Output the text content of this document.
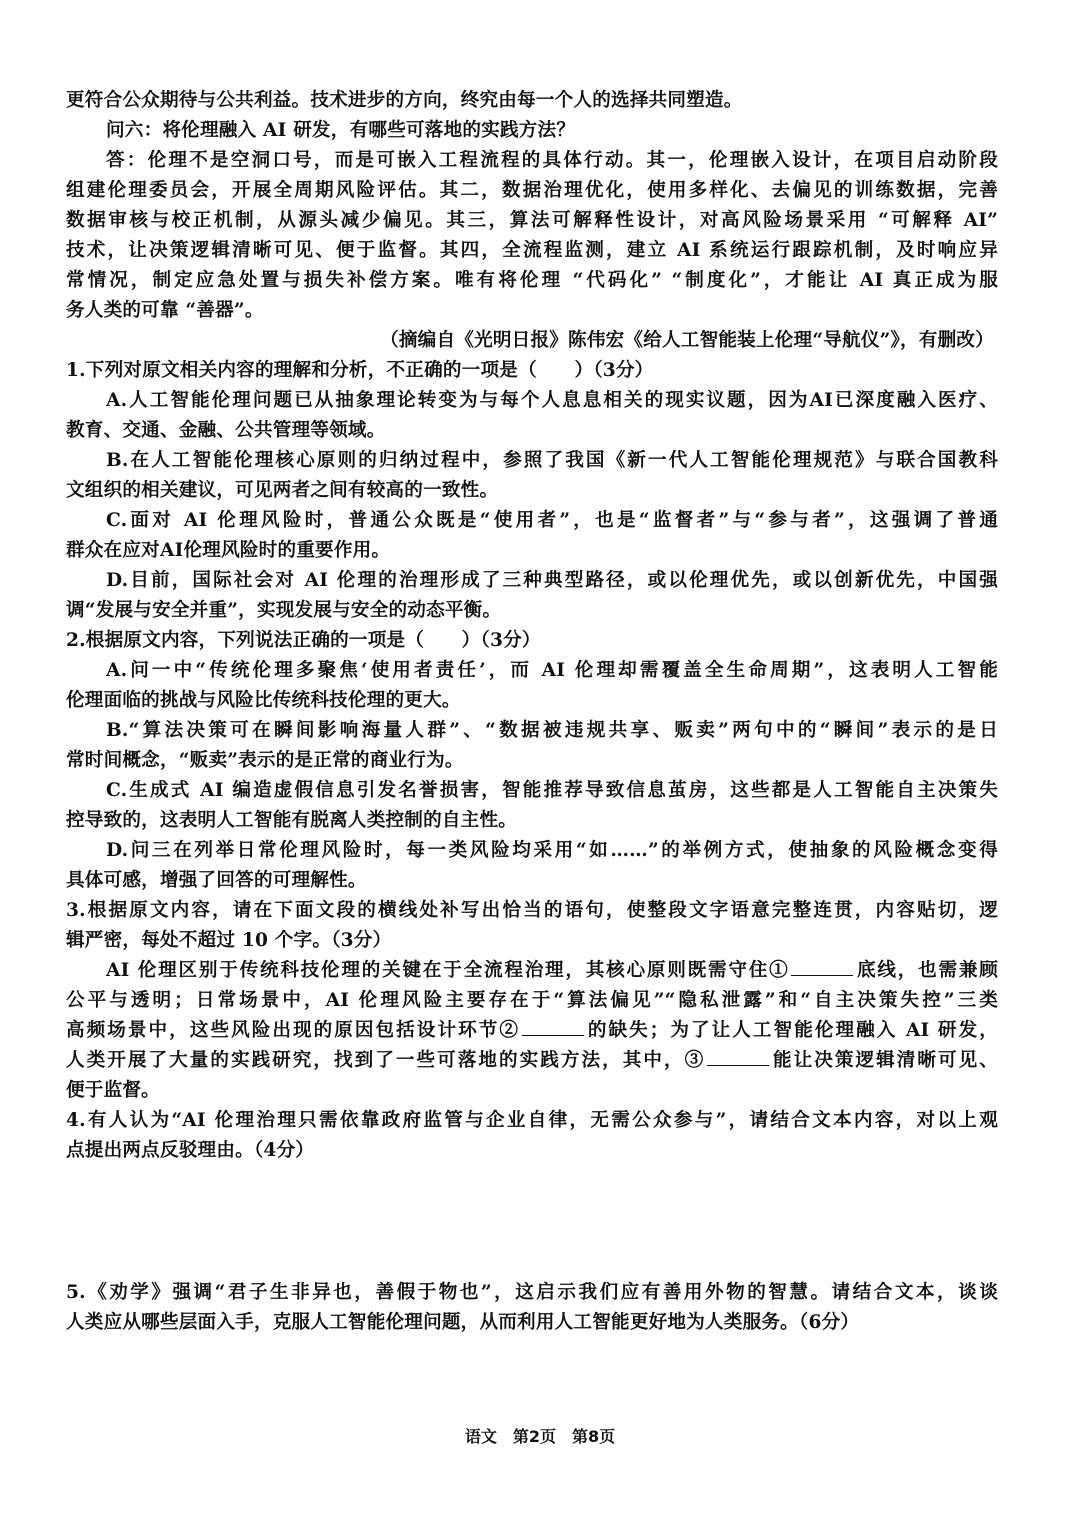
更符合公众期待与公共利益。技术进步的方向，终究由每一个人的选择共同塑造。
问六：将伦理融入 AI 研发，有哪些可落地的实践方法？
答：伦理不是空洞口号，而是可嵌入工程流程的具体行动。其一，伦理嵌入设计，在项目启动阶段
组建伦理委员会，开展全周期风险评估。其二，数据治理优化，使用多样化、去偏见的训练数据，完善
数据审核与校正机制，从源头减少偏见。其三，算法可解释性设计，对高风险场景采用 “可解释 AI”
技术，让决策逻辑清晰可见、便于监督。其四，全流程监测，建立 AI 系统运行跟踪机制，及时响应异
常情况，制定应急处置与损失补偿方案。唯有将伦理 “代码化” “制度化”，才能让 AI 真正成为服
务人类的可靠 “善器”。
（摘编自《光明日报》陈伟宏《给人工智能装上伦理“导航仪”》，有删改）
1.下列对原文相关内容的理解和分析，不正确的一项是（　　）（3分）
A.人工智能伦理问题已从抽象理论转变为与每个人息息相关的现实议题，因为AI已深度融入医疗、
教育、交通、金融、公共管理等领域。
B.在人工智能伦理核心原则的归纳过程中，参照了我国《新一代人工智能伦理规范》与联合国教科
文组织的相关建议，可见两者之间有较高的一致性。
C.面对 AI 伦理风险时，普通公众既是“使用者”，也是“监督者”与“参与者”，这强调了普通
群众在应对AI伦理风险时的重要作用。
D.目前，国际社会对 AI 伦理的治理形成了三种典型路径，或以伦理优先，或以创新优先，中国强
调“发展与安全并重”，实现发展与安全的动态平衡。
2.根据原文内容，下列说法正确的一项是（　　）（3分）
A.问一中“传统伦理多聚焦‘使用者责任’，而 AI 伦理却需覆盖全生命周期”，这表明人工智能
伦理面临的挑战与风险比传统科技伦理的更大。
B.“算法决策可在瞬间影响海量人群”、“数据被违规共享、贩卖”两句中的“瞬间”表示的是日
常时间概念，“贩卖”表示的是正常的商业行为。
C.生成式 AI 编造虚假信息引发名誉损害，智能推荐导致信息茧房，这些都是人工智能自主决策失
控导致的，这表明人工智能有脱离人类控制的自主性。
D.问三在列举日常伦理风险时，每一类风险均采用“如……”的举例方式，使抽象的风险概念变得
具体可感，增强了回答的可理解性。
3.根据原文内容，请在下面文段的横线处补写出恰当的语句，使整段文字语意完整连贯，内容贴切，逻
辑严密，每处不超过 10 个字。（3分）
AI 伦理区别于传统科技伦理的关键在于全流程治理，其核心原则既需守住①	底线，也需兼顾
公平与透明；日常场景中，AI 伦理风险主要存在于“算法偏见”“隐私泄露”和“自主决策失控”三类
高频场景中，这些风险出现的原因包括设计环节②	的缺失；为了让人工智能伦理融入 AI 研发，
人类开展了大量的实践研究，找到了一些可落地的实践方法，其中，③	能让决策逻辑清晰可见、
便于监督。
4.有人认为“AI 伦理治理只需依靠政府监管与企业自律，无需公众参与”，请结合文本内容，对以上观
点提出两点反驳理由。（4分）
5.《劝学》强调“君子生非异也，善假于物也”，这启示我们应有善用外物的智慧。请结合文本，谈谈
人类应从哪些层面入手，克服人工智能伦理问题，从而利用人工智能更好地为人类服务。（6分）
语文 第2页 第8页
